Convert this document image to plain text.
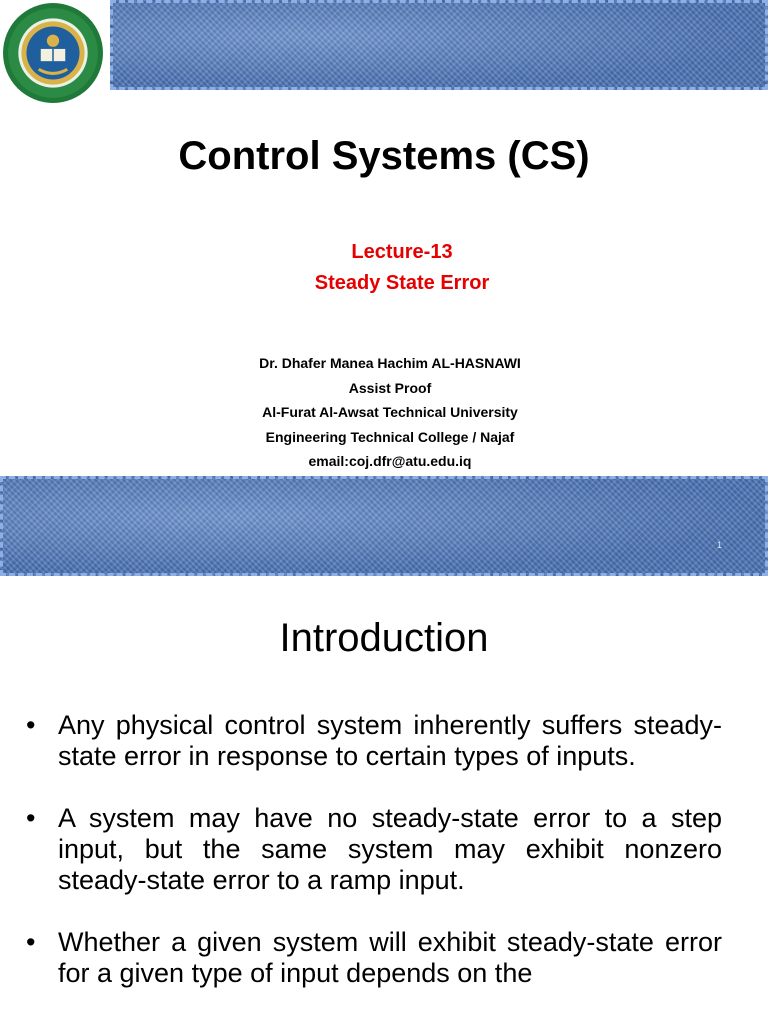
Control Systems (CS)
Lecture-13
Steady State Error
Dr. Dhafer Manea Hachim AL-HASNAWI
Assist Proof
Al-Furat Al-Awsat Technical University
Engineering Technical College / Najaf
email:coj.dfr@atu.edu.iq
1
Introduction
• Any physical control system inherently suffers steady-state error in response to certain types of inputs.
• A system may have no steady-state error to a step input, but the same system may exhibit nonzero steady-state error to a ramp input.
• Whether a given system will exhibit steady-state error for a given type of input depends on the
